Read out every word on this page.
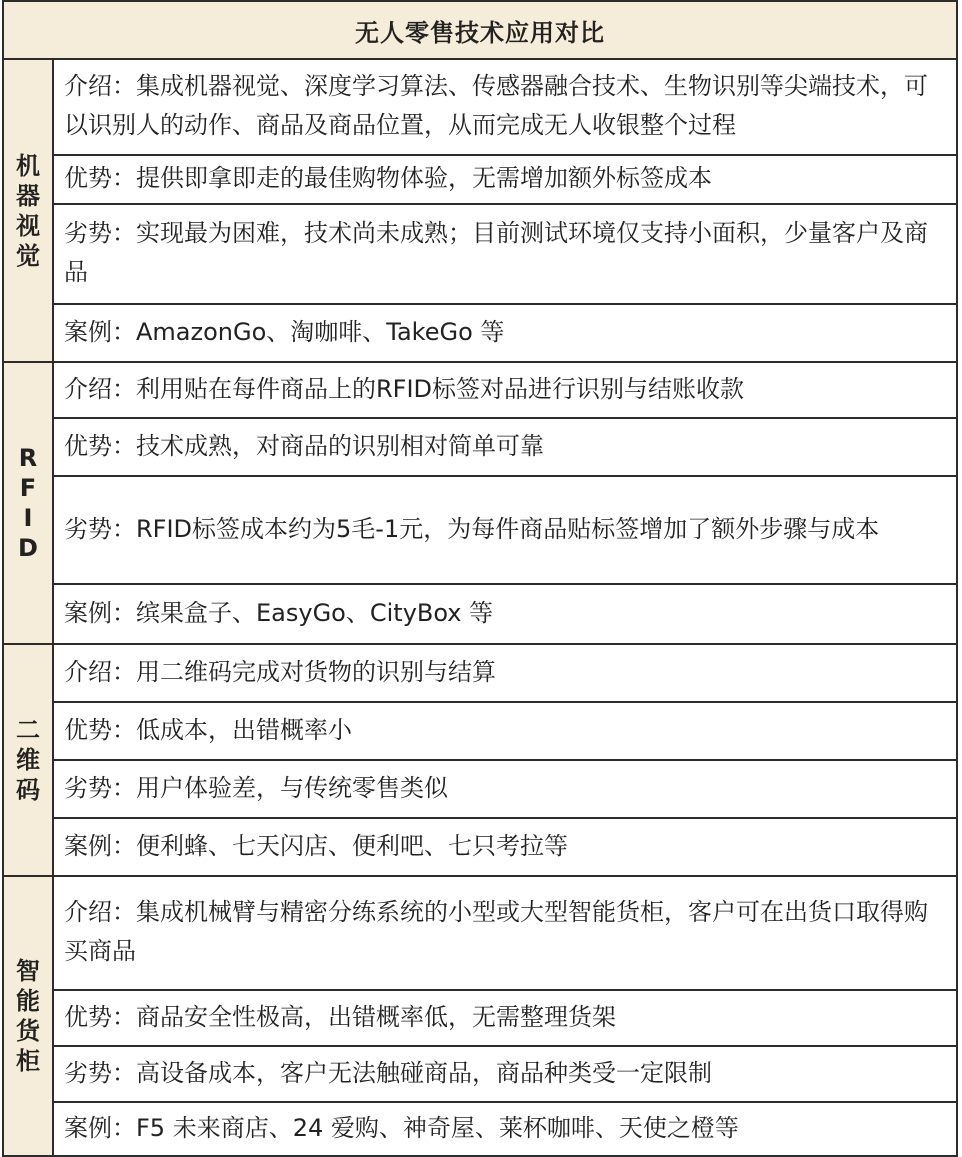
无人零售技术应用对比	

机
器
视
觉	介绍：集成机器视觉、深度学习算法、传感器融合技术、生物识别等尖端技术，可以识别人的动作、商品及商品位置，从而完成无人收银整个过程
	优势：提供即拿即走的最佳购物体验，无需增加额外标签成本
	劣势：实现最为困难，技术尚未成熟；目前测试环境仅支持小面积，少量客户及商品
	案例：AmazonGo、淘咖啡、TakeGo 等

R
F
I
D	介绍：利用贴在每件商品上的RFID标签对品进行识别与结账收款
	优势：技术成熟，对商品的识别相对简单可靠
	劣势：RFID标签成本约为5毛-1元，为每件商品贴标签增加了额外步骤与成本
	案例：缤果盒子、EasyGo、CityBox 等

二
维
码	介绍：用二维码完成对货物的识别与结算
	优势：低成本，出错概率小
	劣势：用户体验差，与传统零售类似
	案例：便利蜂、七天闪店、便利吧、七只考拉等

智
能
货
柜	介绍：集成机械臂与精密分练系统的小型或大型智能货柜，客户可在出货口取得购买商品
	优势：商品安全性极高，出错概率低，无需整理货架
	劣势：高设备成本，客户无法触碰商品，商品种类受一定限制
	案例：F5 未来商店、24 爱购、神奇屋、莱杯咖啡、天使之橙等
